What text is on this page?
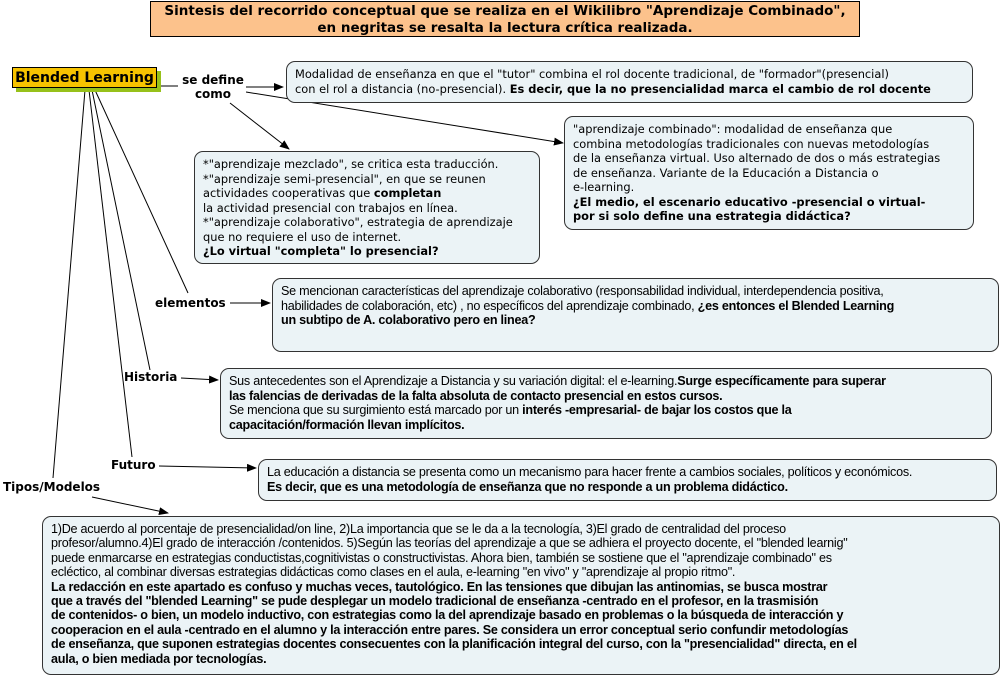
Sintesis del recorrido conceptual que se realiza en el Wikilibro "Aprendizaje Combinado",
en negritas se resalta la lectura crítica realizada.
Blended Learning se define
como
elementos
Historia
Futuro
Tipos/Modelos
Modalidad de enseñanza en que el "tutor" combina el rol docente tradicional, de "formador"(presencial)
con el rol a distancia (no-presencial). Es decir, que la no presencialidad marca el cambio de rol docente
"aprendizaje combinado": modalidad de enseñanza que
combina metodologías tradicionales con nuevas metodologías
de la enseñanza virtual. Uso alternado de dos o más estrategias
de enseñanza. Variante de la Educación a Distancia o
e-learning.
¿El medio, el escenario educativo -presencial o virtual-
por si solo define una estrategia didáctica?
*"aprendizaje mezclado", se critica esta traducción.
*"aprendizaje semi-presencial", en que se reunen
actividades cooperativas que completan
la actividad presencial con trabajos en línea.
*"aprendizaje colaborativo", estrategia de aprendizaje
que no requiere el uso de internet.
¿Lo virtual "completa" lo presencial?
Se mencionan características del aprendizaje colaborativo (responsabilidad individual, interdependencia positiva,
habilidades de colaboración, etc) , no específicos del aprendizaje combinado, ¿es entonces el Blended Learning
un subtipo de A. colaborativo pero en linea?
Sus antecedentes son el Aprendizaje a Distancia y su variación digital: el e-learning.Surge específicamente para superar
las falencias de derivadas de la falta absoluta de contacto presencial en estos cursos.
Se menciona que su surgimiento está marcado por un interés -empresarial- de bajar los costos que la
capacitación/formación llevan implícitos.
La educación a distancia se presenta como un mecanismo para hacer frente a cambios sociales, políticos y económicos.
Es decir, que es una metodología de enseñanza que no responde a un problema didáctico.
1)De acuerdo al porcentaje de presencialidad/on line, 2)La importancia que se le da a la tecnología, 3)El grado de centralidad del proceso
profesor/alumno.4)El grado de interacción /contenidos. 5)Según las teorías del aprendizaje a que se adhiera el proyecto docente, el "blended learnig"
puede enmarcarse en estrategias conductistas,cognitivistas o constructivistas. Ahora bien, también se sostiene que el "aprendizaje combinado" es
ecléctico, al combinar diversas estrategias didácticas como clases en el aula, e-learning "en vivo" y "aprendizaje al propio ritmo".
La redacción en este apartado es confuso y muchas veces, tautológico. En las tensiones que dibujan las antinomias, se busca mostrar
que a través del "blended Learning" se pude desplegar un modelo tradicional de enseñanza -centrado en el profesor, en la trasmisión
de contenidos- o bien, un modelo inductivo, con estrategias como la del aprendizaje basado en problemas o la búsqueda de interacción y
cooperacion en el aula -centrado en el alumno y la interacción entre pares. Se considera un error conceptual serio confundir metodologías
de enseñanza, que suponen estrategias docentes consecuentes con la planificación integral del curso, con la "presencialidad" directa, en el
aula, o bien mediada por tecnologías.
